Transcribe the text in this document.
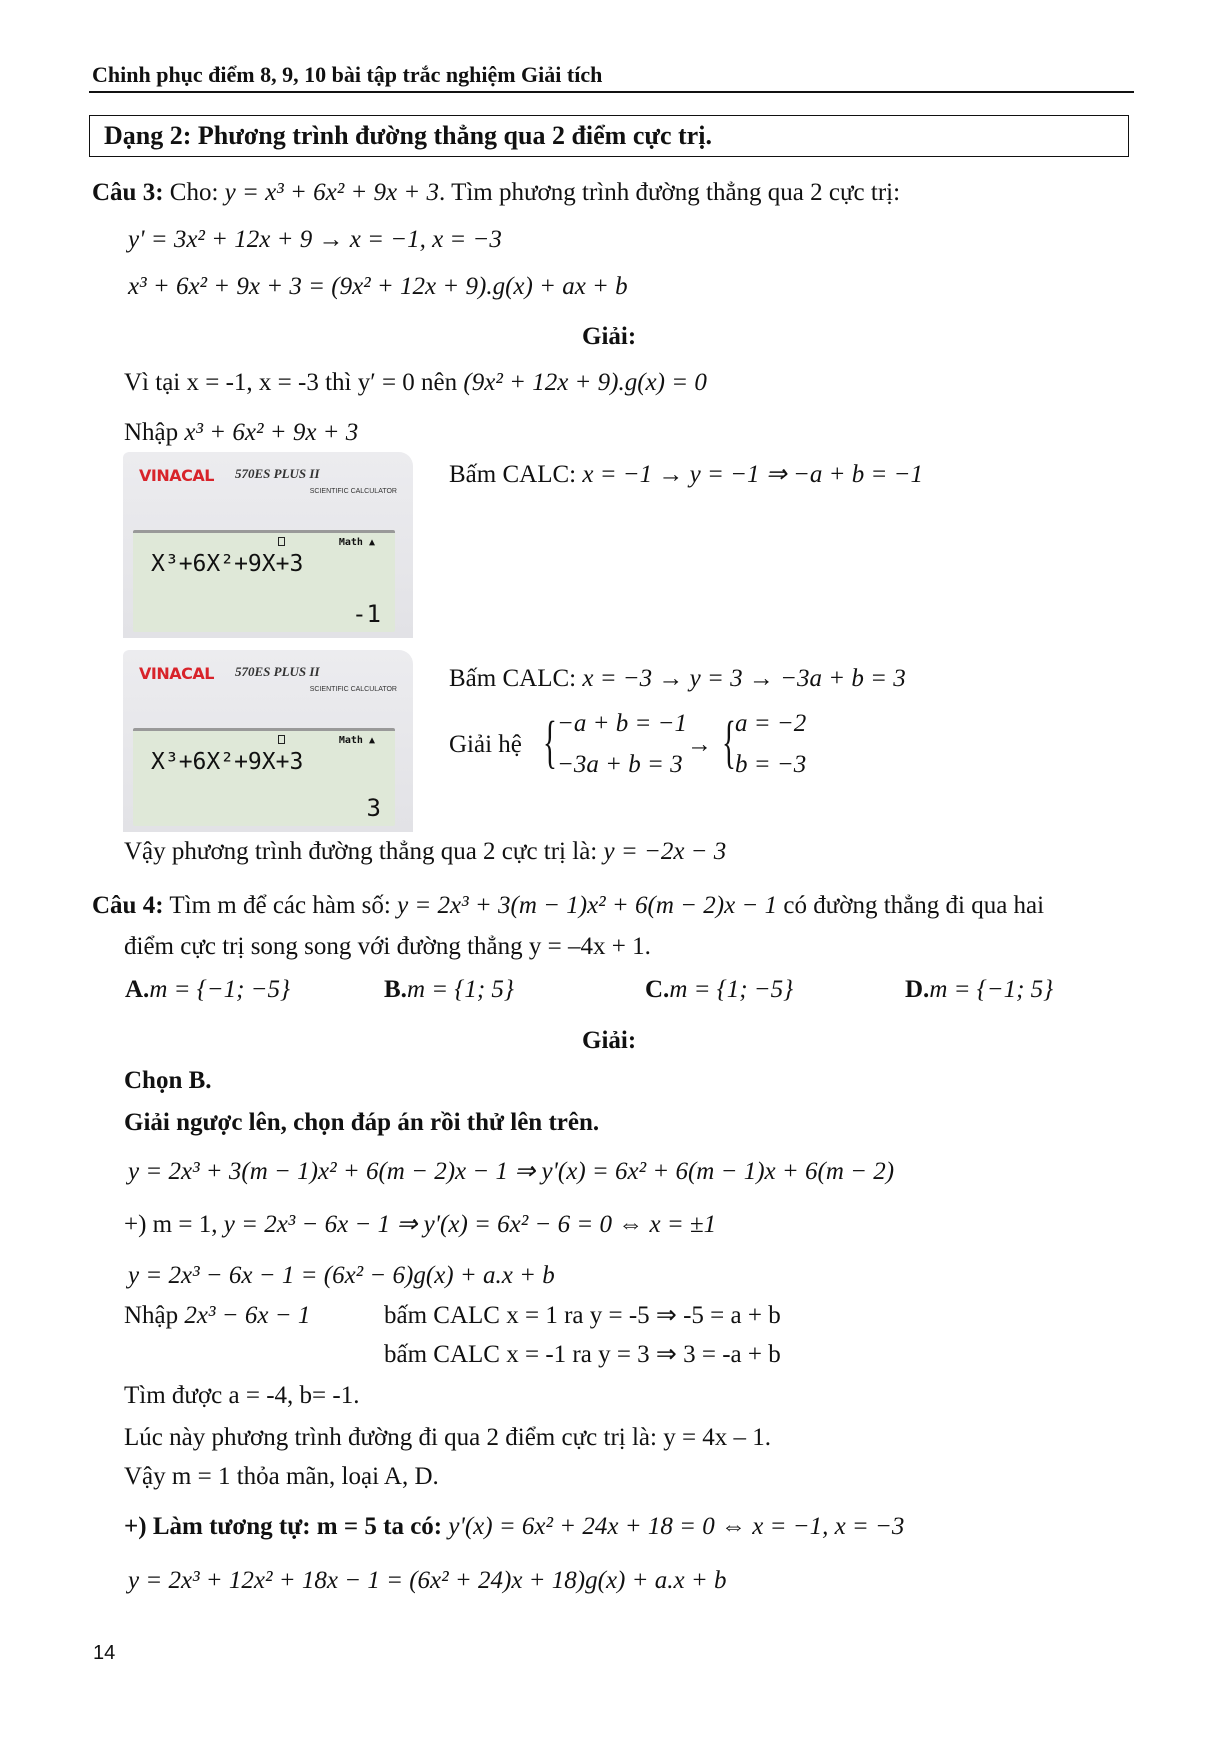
Chinh phục điểm 8, 9, 10 bài tập trắc nghiệm Giải tích
Dạng 2: Phương trình đường thẳng qua 2 điểm cực trị.
Câu 3: Cho: y = x³ + 6x² + 9x + 3. Tìm phương trình đường thẳng qua 2 cực trị:
y' = 3x² + 12x + 9 → x = −1, x = −3
x³ + 6x² + 9x + 3 = (9x² + 12x + 9).g(x) + ax + b
Giải:
Vì tại x = -1, x = -3 thì y′ = 0 nên (9x² + 12x + 9).g(x) = 0
Nhập x³ + 6x² + 9x + 3
VINACAL 570ES PLUS II
SCIENTIFIC CALCULATOR
Math ▲
X³+6X²+9X+3
-1
Bấm CALC: x = −1 → y = −1 ⇒ −a + b = −1
VINACAL 570ES PLUS II
SCIENTIFIC CALCULATOR
Math ▲
X³+6X²+9X+3
3
Bấm CALC: x = −3 → y = 3 → −3a + b = 3
Giải hệ { −a + b = −1
−3a + b = 3
→ { a = −2
b = −3
Vậy phương trình đường thẳng qua 2 cực trị là: y = −2x − 3
Câu 4: Tìm m để các hàm số: y = 2x³ + 3(m − 1)x² + 6(m − 2)x − 1 có đường thẳng đi qua hai
điểm cực trị song song với đường thẳng y = –4x + 1.
A.m = {−1; −5}	B.m = {1; 5}	C.m = {1; −5}	D.m = {−1; 5}
Giải:
Chọn B.
Giải ngược lên, chọn đáp án rồi thử lên trên.
y = 2x³ + 3(m − 1)x² + 6(m − 2)x − 1 ⇒ y'(x) = 6x² + 6(m − 1)x + 6(m − 2)
+) m = 1, y = 2x³ − 6x − 1 ⇒ y'(x) = 6x² − 6 = 0 ⇔ x = ±1
y = 2x³ − 6x − 1 = (6x² − 6)g(x) + a.x + b
Nhập 2x³ − 6x − 1	bấm CALC x = 1 ra y = -5 ⇒ -5 = a + b
bấm CALC x = -1 ra y = 3 ⇒ 3 = -a + b
Tìm được a = -4, b= -1.
Lúc này phương trình đường đi qua 2 điểm cực trị là: y = 4x – 1.
Vậy m = 1 thỏa mãn, loại A, D.
+) Làm tương tự: m = 5 ta có: y'(x) = 6x² + 24x + 18 = 0 ⇔ x = −1, x = −3
y = 2x³ + 12x² + 18x − 1 = (6x² + 24)x + 18)g(x) + a.x + b
14
